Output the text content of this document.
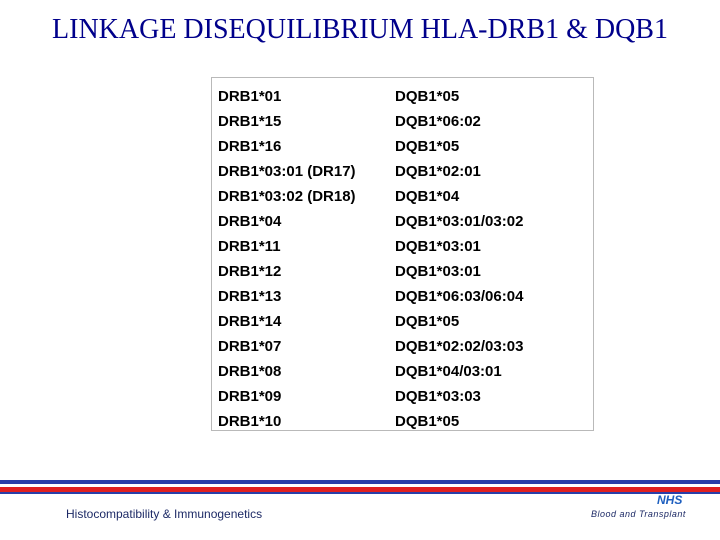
LINKAGE DISEQUILIBRIUM HLA-DRB1 & DQB1
DRB1*01	DQB1*05
DRB1*15	DQB1*06:02
DRB1*16	DQB1*05
DRB1*03:01 (DR17)	DQB1*02:01
DRB1*03:02 (DR18)	DQB1*04
DRB1*04	DQB1*03:01/03:02
DRB1*11	DQB1*03:01
DRB1*12	DQB1*03:01
DRB1*13	DQB1*06:03/06:04
DRB1*14	DQB1*05
DRB1*07	DQB1*02:02/03:03
DRB1*08	DQB1*04/03:01
DRB1*09	DQB1*03:03
DRB1*10	DQB1*05
Histocompatibility & Immunogenetics
NHS
Blood and Transplant
